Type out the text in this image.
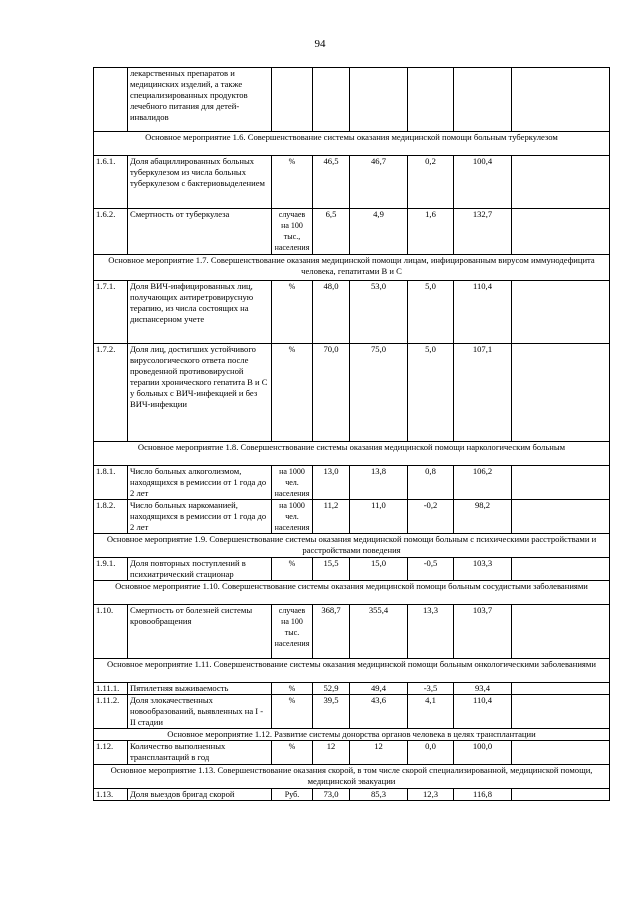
94
	лекарственных препаратов и медицинских изделий, а также специализированных продуктов лечебного питания для детей-инвалидов						
Основное мероприятие 1.6. Совершенствование системы оказания медицинской помощи больным туберкулезом							
1.6.1.	Доля абациллированных больных туберкулезом из числа больных туберкулезом с бактериовыделением	%	46,5	46,7	0,2	100,4	
1.6.2.	Смертность от туберкулеза	случаев на 100 тыс., населения	6,5	4,9	1,6	132,7	
Основное мероприятие 1.7. Совершенствование оказания медицинской помощи лицам, инфицированным вирусом иммунодефицита человека, гепатитами В и С							
1.7.1.	Доля ВИЧ-инфицированных лиц, получающих антиретровирусную терапию, из числа состоящих на диспансерном учете	%	48,0	53,0	5,0	110,4	
1.7.2.	Доля лиц, достигших устойчивого вирусологического ответа после проведенной противовирусной терапии хронического гепатита В и С у больных с ВИЧ-инфекцией и без ВИЧ-инфекции	%	70,0	75,0	5,0	107,1	
Основное мероприятие 1.8. Совершенствование системы оказания медицинской помощи наркологическим больным							
1.8.1.	Число больных алкоголизмом, находящихся в ремиссии от 1 года до 2 лет	на 1000 чел. населения	13,0	13,8	0,8	106,2	
1.8.2.	Число больных наркоманией, находящихся в ремиссии от 1 года до 2 лет	на 1000 чел. населения	11,2	11,0	-0,2	98,2	
Основное мероприятие 1.9. Совершенствование системы оказания медицинской помощи больным с психическими расстройствами и расстройствами поведения							
1.9.1.	Доля повторных поступлений в психиатрический стационар	%	15,5	15,0	-0,5	103,3	
Основное мероприятие 1.10. Совершенствование системы оказания медицинской помощи больным сосудистыми заболеваниями							
1.10.	Смертность от болезней системы кровообращения	случаев на 100 тыс. населения	368,7	355,4	13,3	103,7	
Основное мероприятие 1.11. Совершенствование системы оказания медицинской помощи больным онкологическими заболеваниями							
1.11.1.	Пятилетняя выживаемость	%	52,9	49,4	-3,5	93,4	
1.11.2.	Доля злокачественных новообразований, выявленных на I - II стадии	%	39,5	43,6	4,1	110,4	
Основное мероприятие 1.12. Развитие системы донорства органов человека в целях трансплантации							
1.12.	Количество выполненных трансплантаций в год	%	12	12	0,0	100,0	
Основное мероприятие 1.13. Совершенствование оказания скорой, в том числе скорой специализированной, медицинской помощи, медицинской эвакуации							
1.13.	Доля выездов бригад скорой	Руб.	73,0	85,3	12,3	116,8	
